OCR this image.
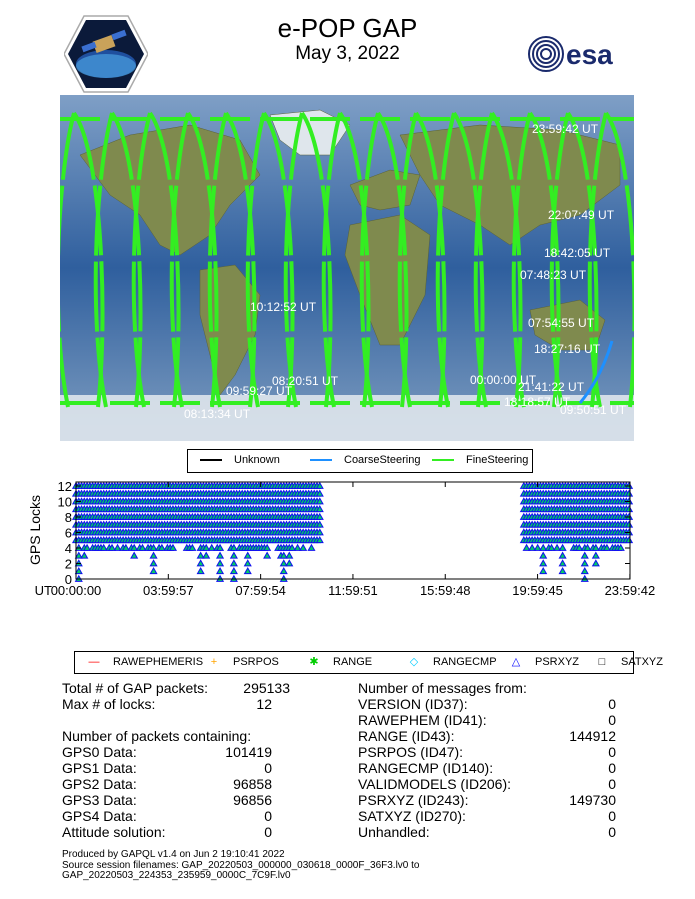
e-POP GAP
May 3, 2022	esa
23:59:42 UT
22:07:49 UT
18:42:05 UT
07:48:23 UT
10:12:52 UT
07:54:55 UT
18:27:16 UT
08:20:51 UT	00:00:00 UT
21:41:22 UT
09:59:27 UT
18:18:57 UT
09:50:51 UT
08:13:34 UT
Unknown	CoarseSteering	FineSteering
0
2
4
6
8
10
12
00:00:00	03:59:57	07:59:54	11:59:51	15:59:48	19:59:45	23:59:42
UT
GPS Locks
— RAWEPHEMERIS +	PSRPOS	✱ RANGE	◇ RANGECMP △ PSRXYZ	□	SATXYZ
Total # of GAP packets:	295133
Max # of locks:	12
Number of packets containing:
GPS0 Data:	101419
GPS1 Data:	0
GPS2 Data:	96858
GPS3 Data:	96856
GPS4 Data:	0
Attitude solution:	0
Number of messages from:
VERSION (ID37):	0
RAWEPHEM (ID41):	0
RANGE (ID43):	144912
PSRPOS (ID47):	0
RANGECMP (ID140):	0
VALIDMODELS (ID206):	0
PSRXYZ (ID243):	149730
SATXYZ (ID270):	0
Unhandled:	0
Produced by GAPQL v1.4 on Jun 2 19:10:41 2022
Source session filenames: GAP_20220503_000000_030618_0000F_36F3.lv0 to
GAP_20220503_224353_235959_0000C_7C9F.lv0
